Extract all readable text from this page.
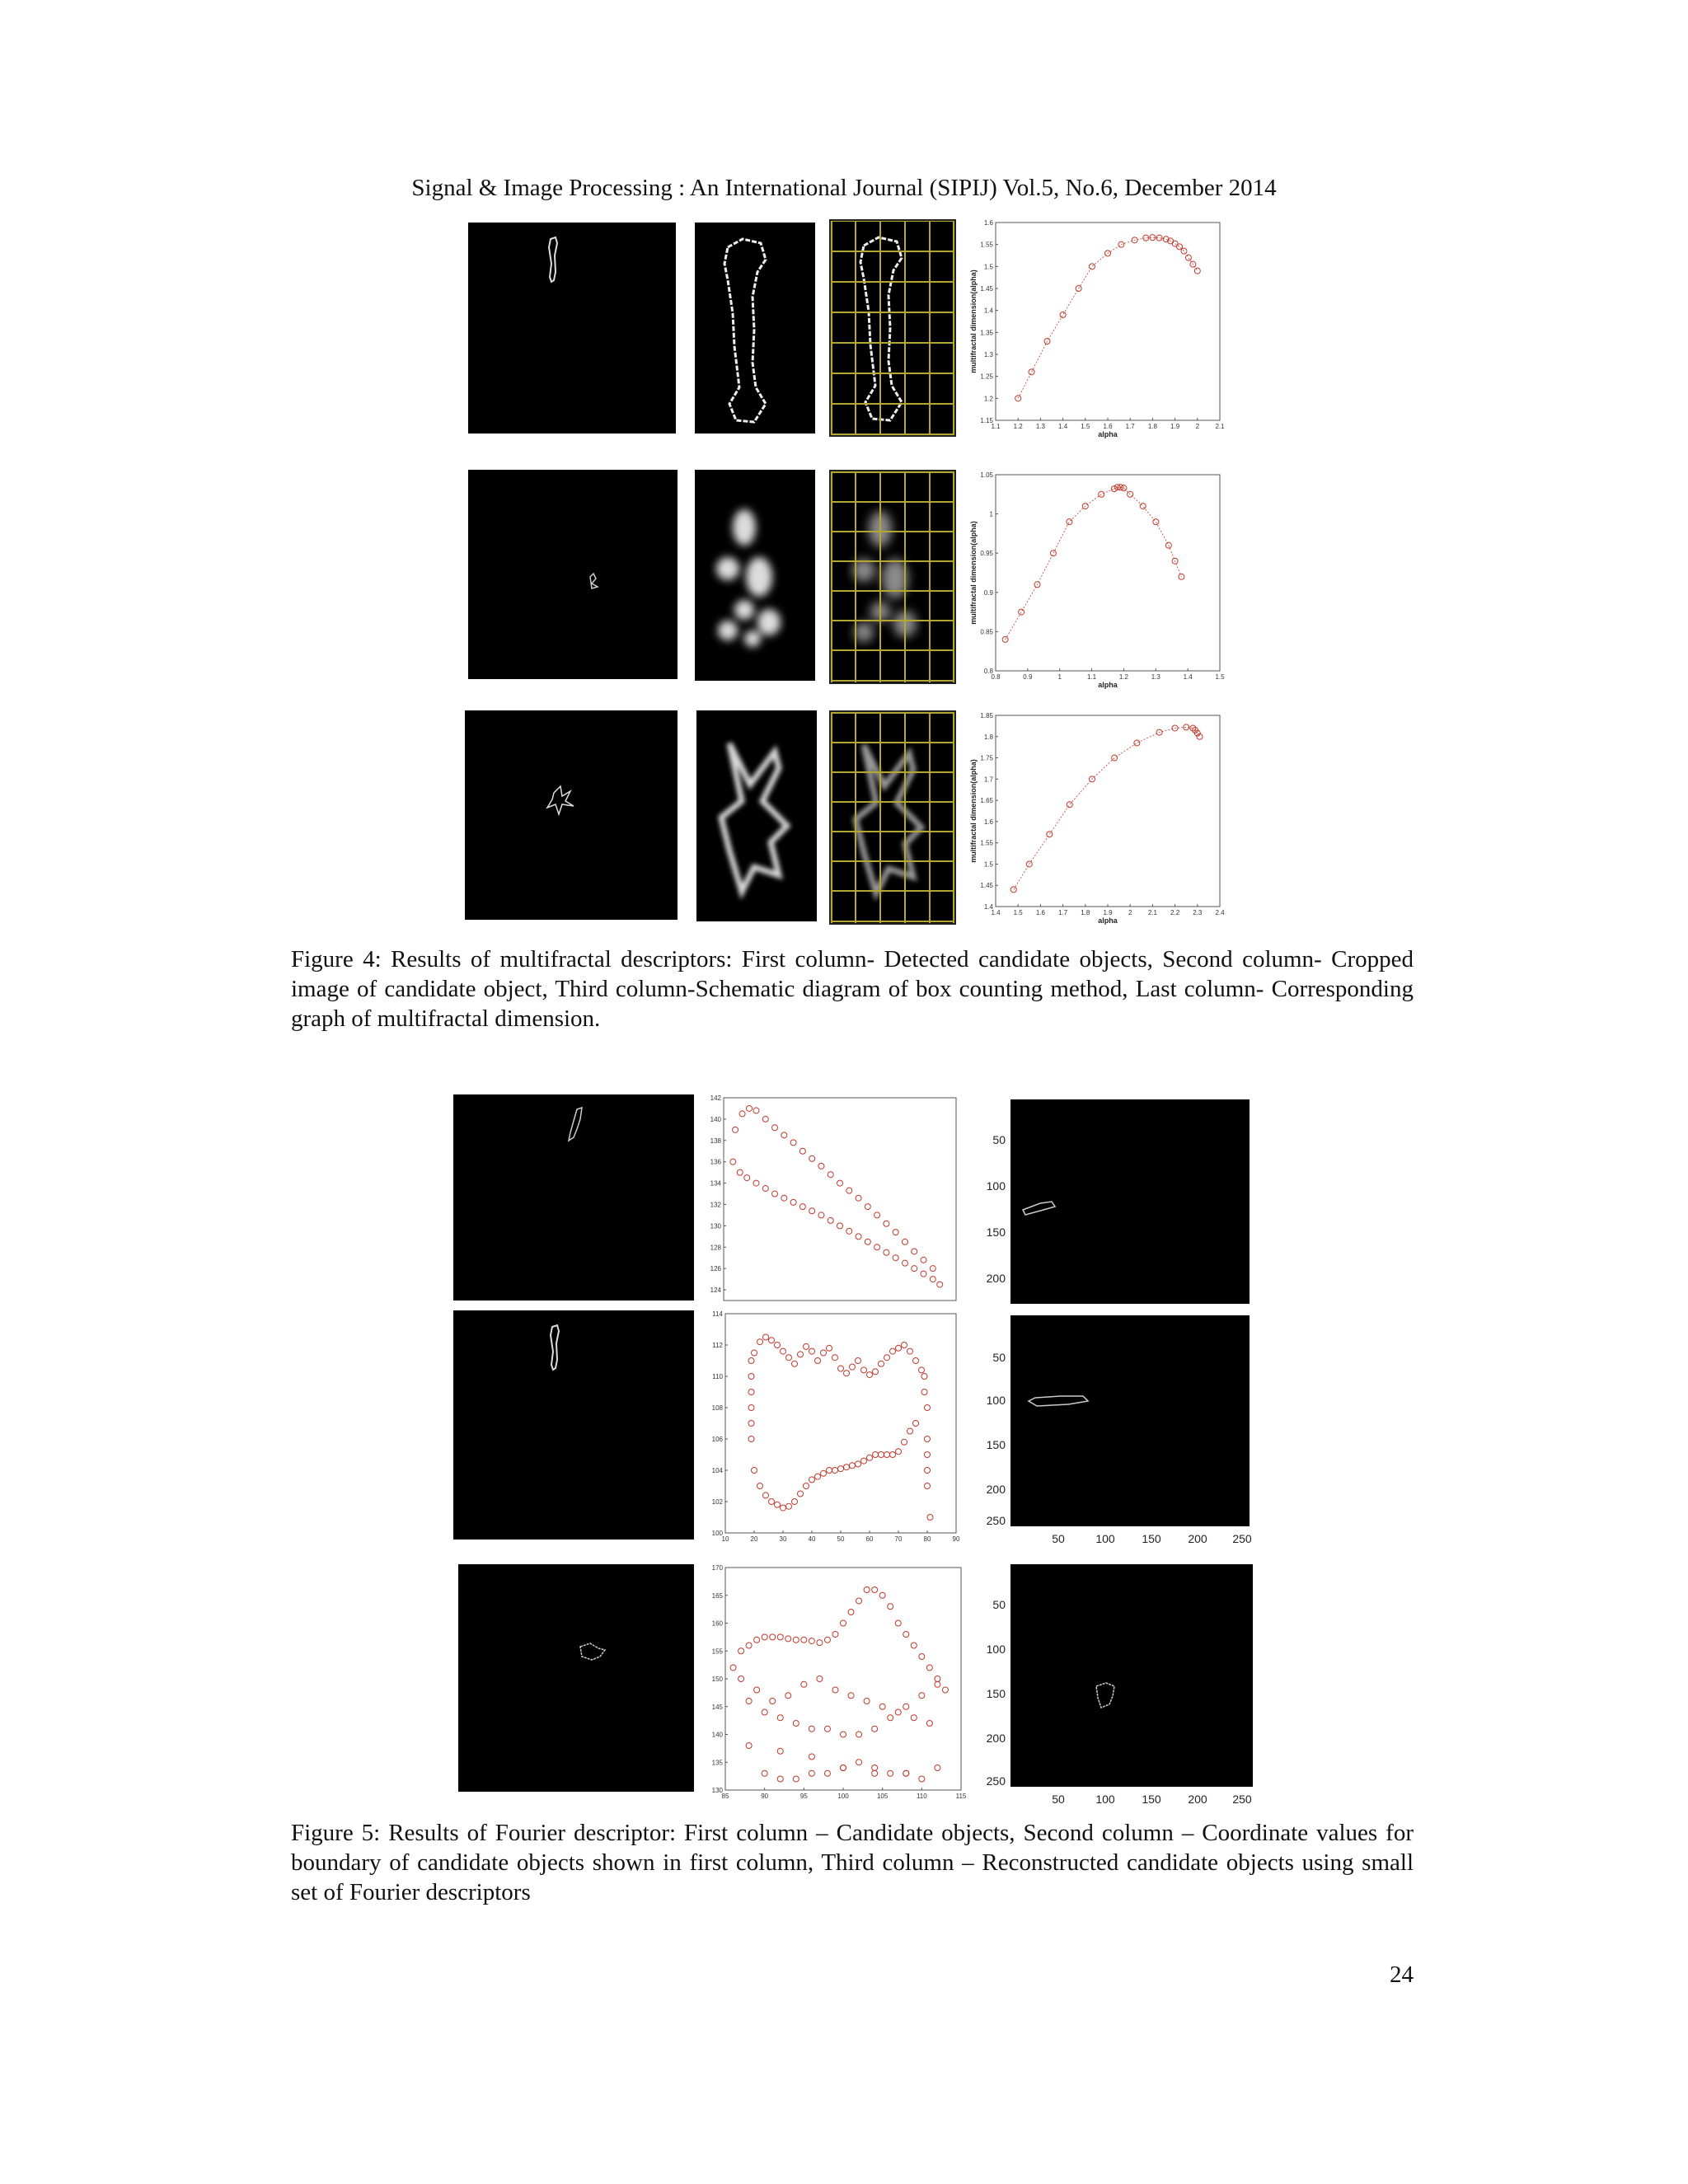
Signal & Image Processing : An International Journal (SIPIJ) Vol.5, No.6, December 2014
1.15
1.2
1.25
1.3
1.35
1.4
1.45
1.5
1.55
1.6
1.1 1.2 1.3 1.4 1.5 1.6 1.7 1.8 1.9 2 2.1
alpha
multifractal dimension(alpha)
0.8
0.85
0.9
0.95
1
1.05
0.8	0.9	1	1.1	1.2	1.3	1.4	1.5
alpha
multifractal dimension(alpha)
1.4
1.45
1.5
1.55
1.6
1.65
1.7
1.75
1.8
1.85
1.4 1.5 1.6 1.7 1.8 1.9 2 2.1 2.2 2.3 2.4
alpha
multifractal dimension(alpha)
Figure 4: Results of multifractal descriptors: First column- Detected candidate objects, Second column- Cropped image of candidate object, Third column-Schematic diagram of box counting method, Last column- Corresponding graph of multifractal dimension.
124
126
128
130
132
134
136
138
140
142
50
100
150
200
100
102
104
106
108
110
112
114
10	20	30	40	50	60	70	80	90
50
100
150
200
250
50	100 150 200 250
130
135
140
145
150
155
160
165
170
85	90	95	100	105	110	115
50
100
150
200
250
50	100 150 200 250
Figure 5: Results of Fourier descriptor: First column – Candidate objects, Second column – Coordinate values for boundary of candidate objects shown in first column, Third column – Reconstructed candidate objects using small set of Fourier descriptors
24
